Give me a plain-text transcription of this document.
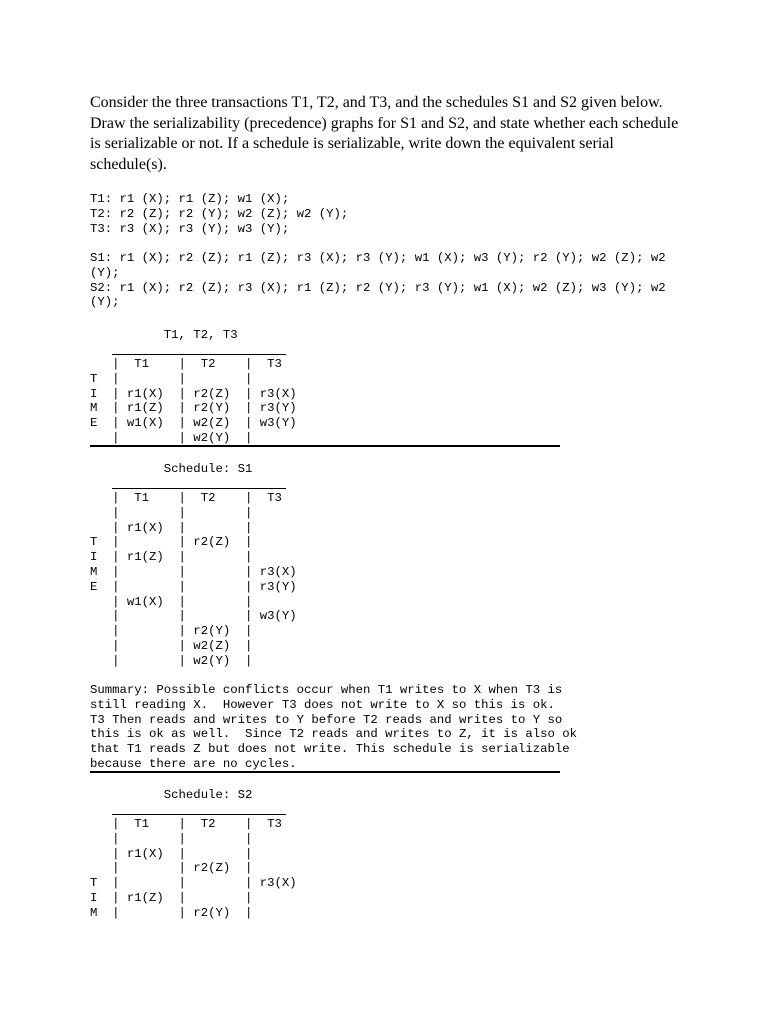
Consider the three transactions T1, T2, and T3, and the schedules S1 and S2 given below. Draw the serializability (precedence) graphs for S1 and S2, and state whether each schedule is serializable or not. If a schedule is serializable, write down the equivalent serial schedule(s).
T1: r1 (X); r1 (Z); w1 (X);
T2: r2 (Z); r2 (Y); w2 (Z); w2 (Y);
T3: r3 (X); r3 (Y); w3 (Y);
S1: r1 (X); r2 (Z); r1 (Z); r3 (X); r3 (Y); w1 (X); w3 (Y); r2 (Y); w2 (Z); w2
(Y);
S2: r1 (X); r2 (Z); r3 (X); r1 (Z); r2 (Y); r3 (Y); w1 (X); w2 (Z); w3 (Y); w2
(Y);
T1, T2, T3
|  T1    |  T2    |  T3
T  |        |        |
I  | r1(X)  | r2(Z)  | r3(X)
M  | r1(Z)  | r2(Y)  | r3(Y)
E  | w1(X)  | w2(Z)  | w3(Y)
|        | w2(Y)  |
Schedule: S1
|  T1    |  T2    |  T3
|        |        |
| r1(X)  |        |
T  |        | r2(Z)  |
I  | r1(Z)  |        |
M  |        |        | r3(X)
E  |        |        | r3(Y)
| w1(X)  |        |
|        |        | w3(Y)
|        | r2(Y)  |
|        | w2(Z)  |
|        | w2(Y)  |
Summary: Possible conflicts occur when T1 writes to X when T3 is
still reading X.  However T3 does not write to X so this is ok.
T3 Then reads and writes to Y before T2 reads and writes to Y so
this is ok as well.  Since T2 reads and writes to Z, it is also ok
that T1 reads Z but does not write. This schedule is serializable
because there are no cycles.
Schedule: S2
|  T1    |  T2    |  T3
|        |        |
| r1(X)  |        |
|        | r2(Z)  |
T  |        |        | r3(X)
I  | r1(Z)  |        |
M  |        | r2(Y)  |
